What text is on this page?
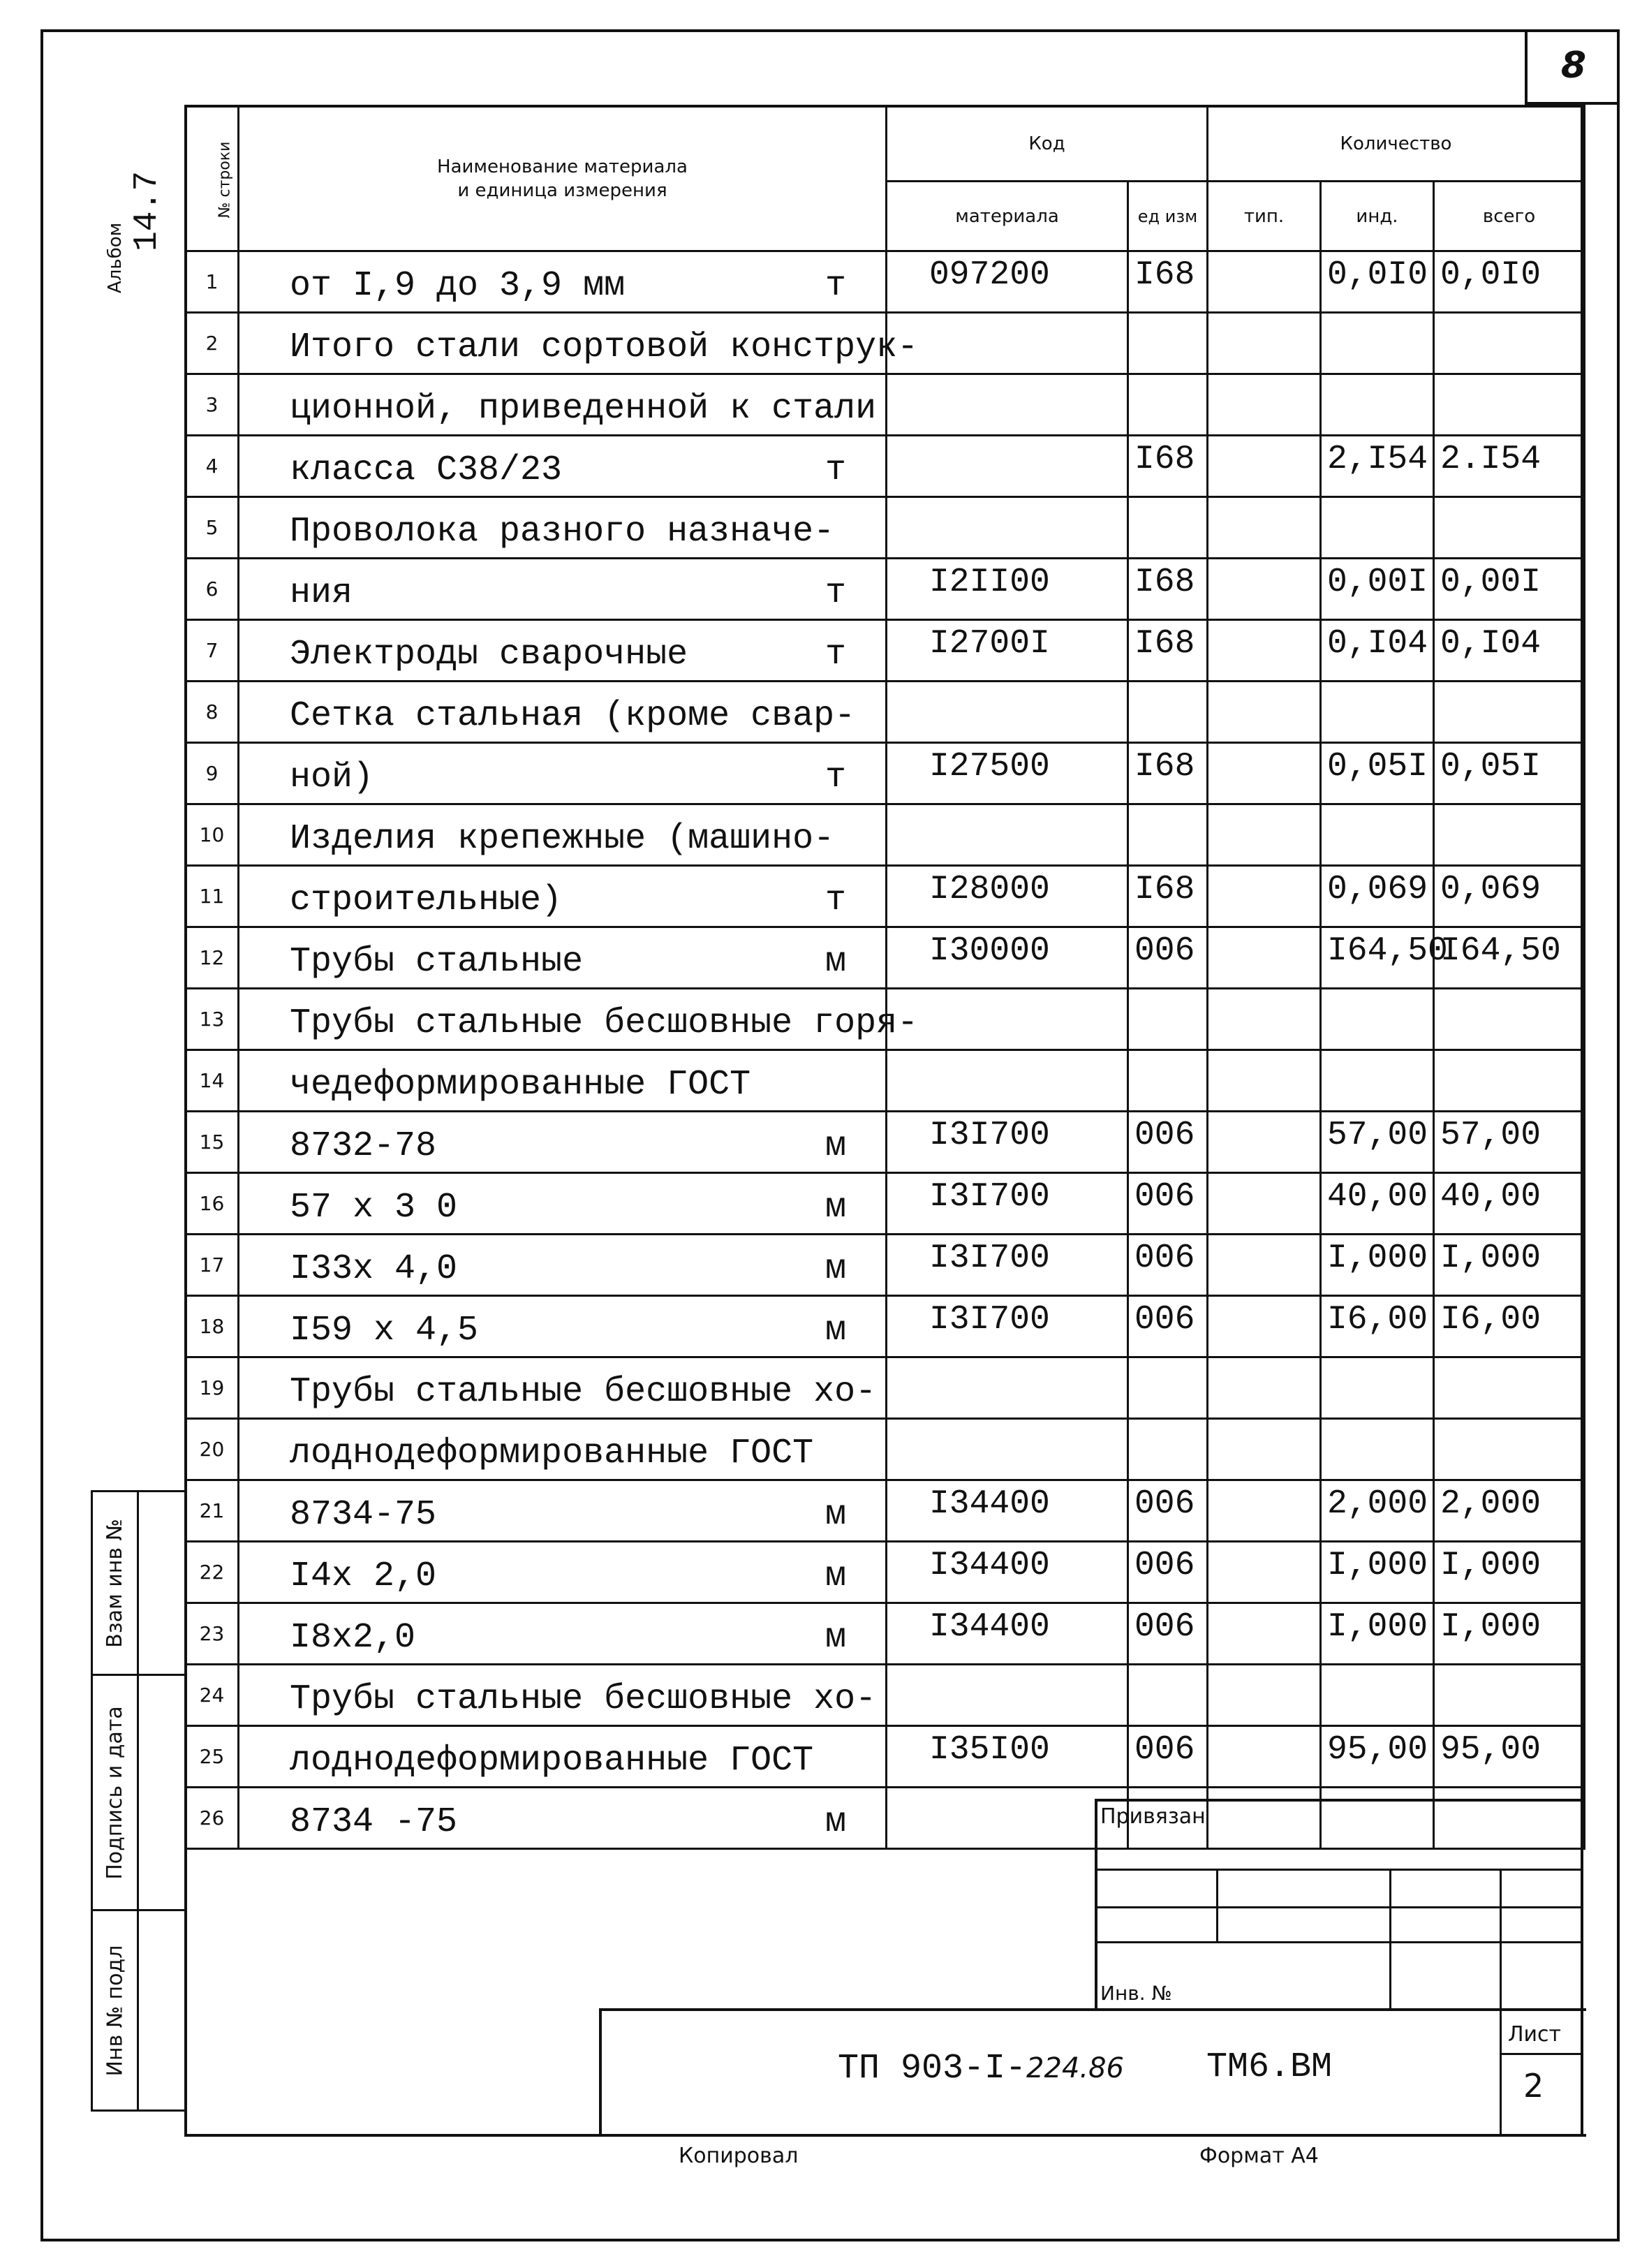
8
Альбом
14.7	№ строки	Наименование материала
и единица измерения	Код		Количество		
		материала	ед изм	тип.	инд.	всего
1	от I,9 до 3,9 мм т	097200	I68		0,0I0	0,0I0
2	Итого стали сортовой конструк-					

3	ционной, приведенной к стали					

4	класса С38/23 т		I68		2,I54	2.I54
5	Проволока разного назначе-					

6	ния т	I2II00	I68		0,00I	0,00I
7	Электроды сварочные т	I2700I	I68		0,I04	0,I04
8	Сетка стальная (кроме свар-					

9	ной) т	I27500	I68		0,05I	0,05I
10	Изделия крепежные (машино-					

11	строительные) т	I28000	I68		0,069	0,069
12	Трубы стальные м	I30000	006		I64,50	I64,50
13	Трубы стальные бесшовные горя-					

14	чедеформированные ГОСТ					

15	8732-78 м	I3I700	006		57,00	57,00
16	57 x 3 0 м	I3I700	006		40,00	40,00
17	I33x 4,0 м	I3I700	006		I,000	I,000
18	I59 x 4,5 м	I3I700	006		I6,00	I6,00
19	Трубы стальные бесшовные хо-					

20	лоднодеформированные ГОСТ					

21	8734-75 м	I34400	006		2,000	2,000
22	I4x 2,0 м	I34400	006		I,000	I,000
23	I8x2,0 м	I34400	006		I,000	I,000
24	Трубы стальные бесшовные хо-					

25	лоднодеформированные ГОСТ	I35I00	006		95,00	95,00
26	8734 -75 м					

Взам инв №
Подпись и дата
Инв № подл
Привязан
Инв. №
ТП 903-I-224.86 ТМ6.ВМ
Лист
2
Копировал	Формат А4
